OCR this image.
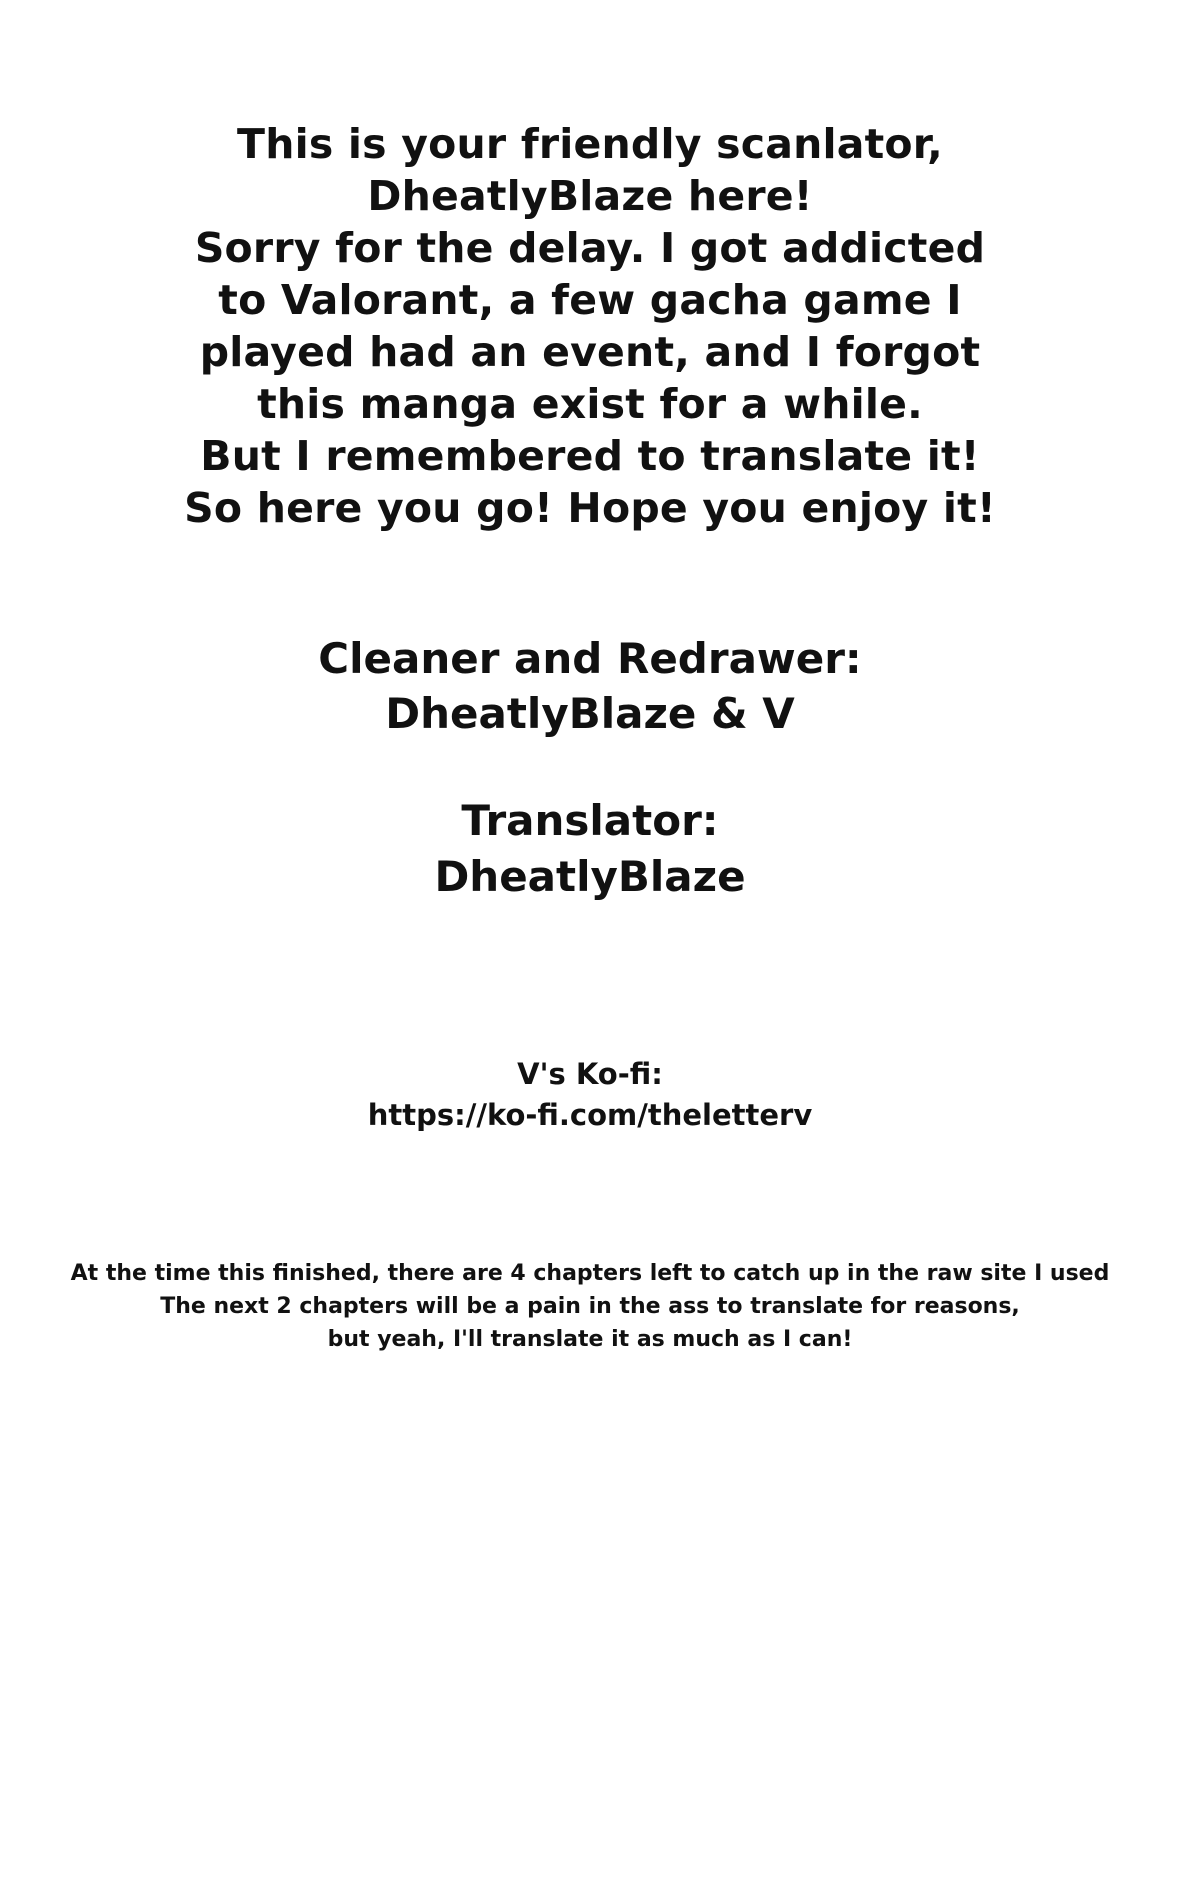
This is your friendly scanlator,
DheatlyBlaze here!
Sorry for the delay. I got addicted
to Valorant, a few gacha game I
played had an event, and I forgot
this manga exist for a while.
But I remembered to translate it!
So here you go! Hope you enjoy it!
Cleaner and Redrawer:
DheatlyBlaze & V
Translator:
DheatlyBlaze
V's Ko-fi:
https://ko-fi.com/theletterv
At the time this finished, there are 4 chapters left to catch up in the raw site I used
The next 2 chapters will be a pain in the ass to translate for reasons,
but yeah, I'll translate it as much as I can!
